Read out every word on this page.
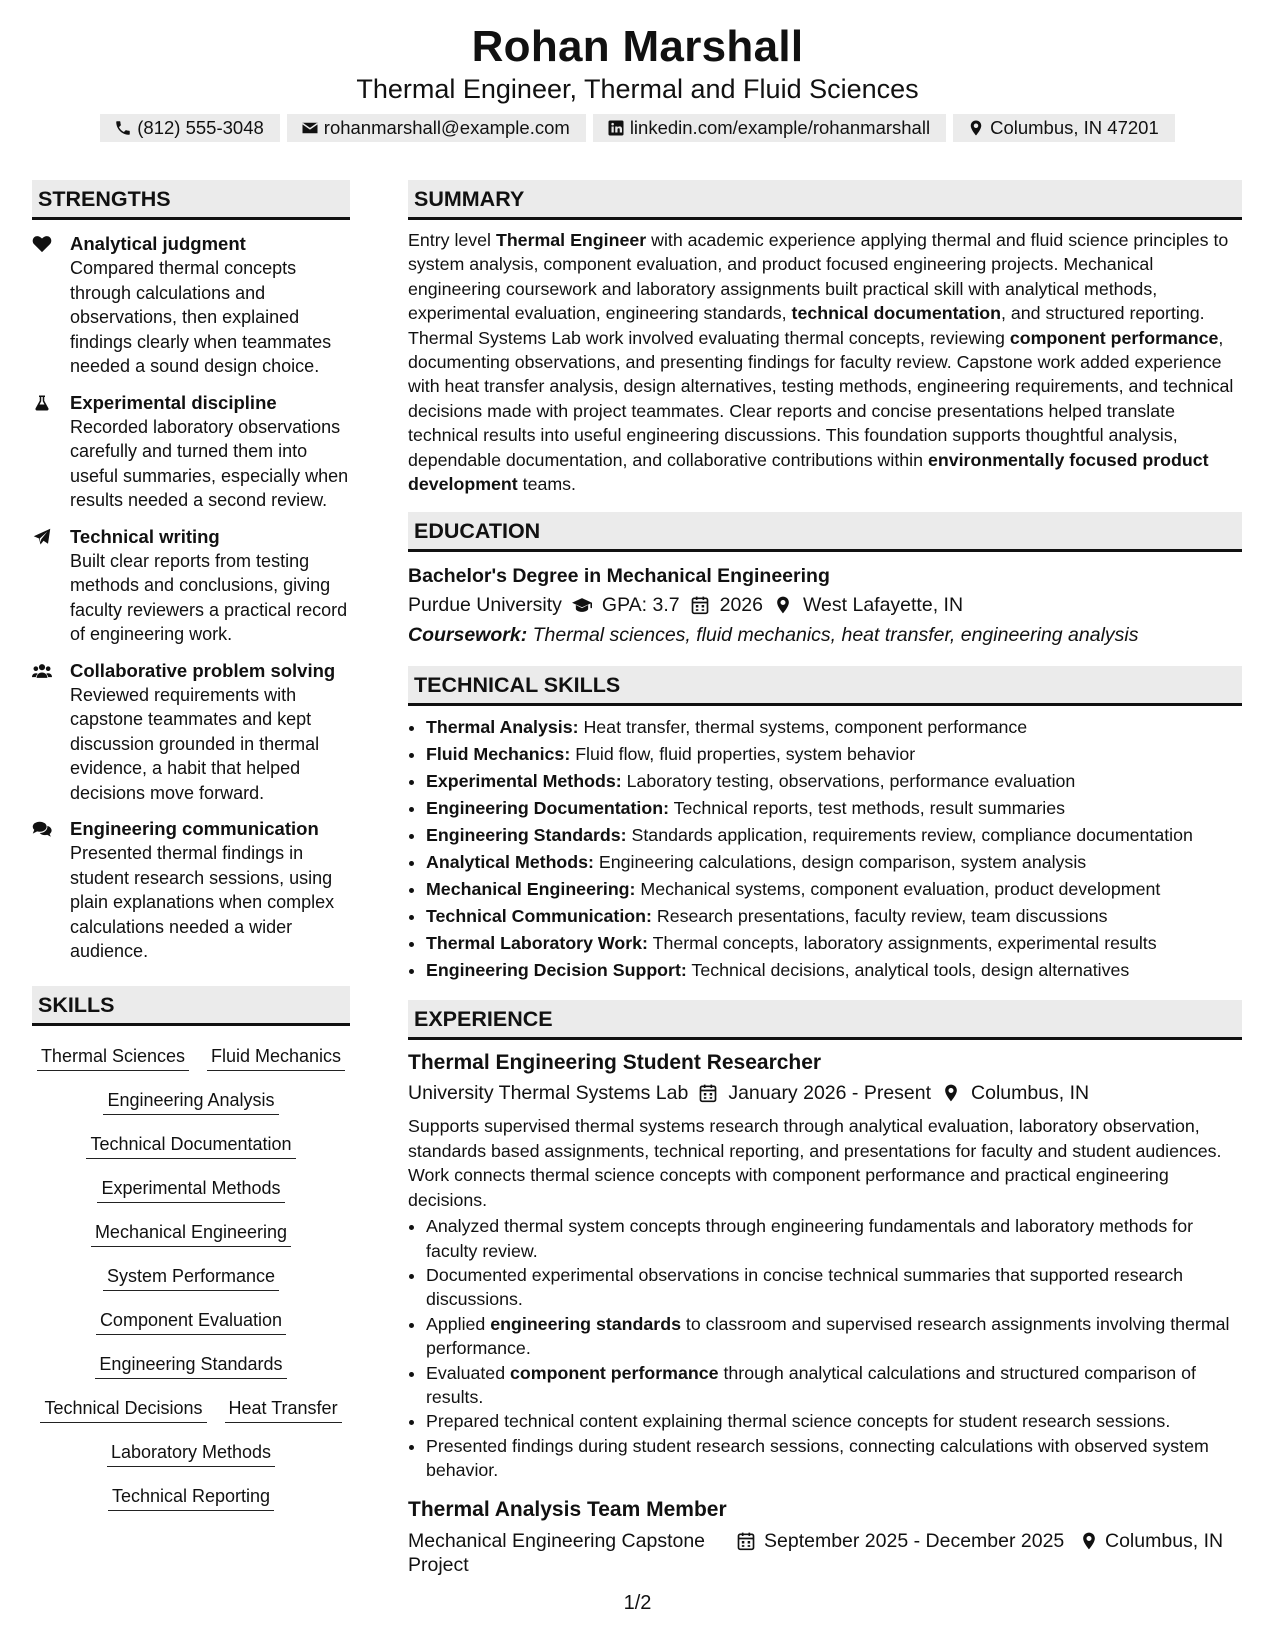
Rohan Marshall
Thermal Engineer, Thermal and Fluid Sciences
(812) 555-3048	rohanmarshall@example.com	linkedin.com/example/rohanmarshall	Columbus, IN 47201
STRENGTHS
Analytical judgment
Compared thermal concepts through calculations and observations, then explained findings clearly when teammates needed a sound design choice.
Experimental discipline
Recorded laboratory observations carefully and turned them into useful summaries, especially when results needed a second review.
Technical writing
Built clear reports from testing methods and conclusions, giving faculty reviewers a practical record of engineering work.
Collaborative problem solving
Reviewed requirements with capstone teammates and kept discussion grounded in thermal evidence, a habit that helped decisions move forward.
Engineering communication
Presented thermal findings in student research sessions, using plain explanations when complex calculations needed a wider audience.
SKILLS
Thermal Sciences Fluid Mechanics
Engineering Analysis
Technical Documentation
Experimental Methods
Mechanical Engineering
System Performance
Component Evaluation
Engineering Standards
Technical Decisions Heat Transfer
Laboratory Methods
Technical Reporting
SUMMARY
Entry level Thermal Engineer with academic experience applying thermal and fluid science principles to system analysis, component evaluation, and product focused engineering projects. Mechanical engineering coursework and laboratory assignments built practical skill with analytical methods, experimental evaluation, engineering standards, technical documentation, and structured reporting. Thermal Systems Lab work involved evaluating thermal concepts, reviewing component performance, documenting observations, and presenting findings for faculty review. Capstone work added experience with heat transfer analysis, design alternatives, testing methods, engineering requirements, and technical decisions made with project teammates. Clear reports and concise presentations helped translate technical results into useful engineering discussions. This foundation supports thoughtful analysis, dependable documentation, and collaborative contributions within environmentally focused product development teams.
EDUCATION
Bachelor's Degree in Mechanical Engineering
Purdue University GPA: 3.7 2026 West Lafayette, IN
Coursework: Thermal sciences, fluid mechanics, heat transfer, engineering analysis
TECHNICAL SKILLS
• Thermal Analysis: Heat transfer, thermal systems, component performance
• Fluid Mechanics: Fluid flow, fluid properties, system behavior
• Experimental Methods: Laboratory testing, observations, performance evaluation
• Engineering Documentation: Technical reports, test methods, result summaries
• Engineering Standards: Standards application, requirements review, compliance documentation
• Analytical Methods: Engineering calculations, design comparison, system analysis
• Mechanical Engineering: Mechanical systems, component evaluation, product development
• Technical Communication: Research presentations, faculty review, team discussions
• Thermal Laboratory Work: Thermal concepts, laboratory assignments, experimental results
• Engineering Decision Support: Technical decisions, analytical tools, design alternatives
EXPERIENCE
Thermal Engineering Student Researcher
University Thermal Systems Lab January 2026 - Present Columbus, IN
Supports supervised thermal systems research through analytical evaluation, laboratory observation, standards based assignments, technical reporting, and presentations for faculty and student audiences. Work connects thermal science concepts with component performance and practical engineering decisions.
• Analyzed thermal system concepts through engineering fundamentals and laboratory methods for faculty review.
• Documented experimental observations in concise technical summaries that supported research discussions.
• Applied engineering standards to classroom and supervised research assignments involving thermal performance.
• Evaluated component performance through analytical calculations and structured comparison of results.
• Prepared technical content explaining thermal science concepts for student research sessions.
• Presented findings during student research sessions, connecting calculations with observed system behavior.
Thermal Analysis Team Member
Mechanical Engineering Capstone Project
September 2025 - December 2025	Columbus, IN
1/2
